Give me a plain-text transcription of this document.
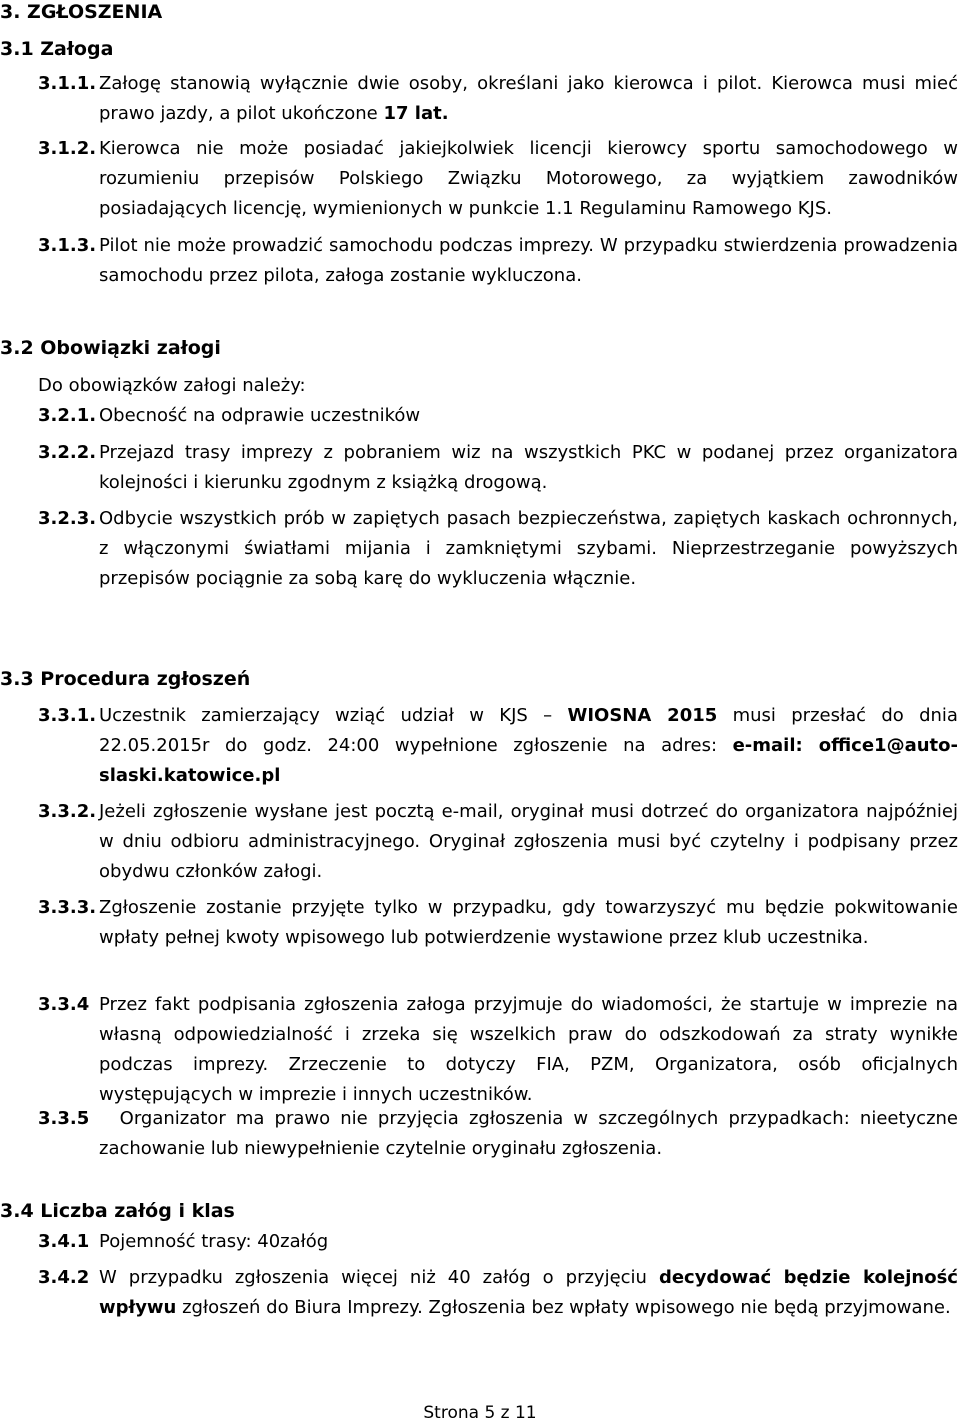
3. ZGŁOSZENIA
3.1 Załoga
3.1.1. Załogę stanowią wyłącznie dwie osoby, określani jako kierowca i pilot. Kierowca musi mieć prawo jazdy, a pilot ukończone 17 lat.
3.1.2. Kierowca nie może posiadać jakiejkolwiek licencji kierowcy sportu samochodowego w rozumieniu przepisów Polskiego Związku Motorowego, za wyjątkiem zawodników posiadających licencję, wymienionych w punkcie 1.1 Regulaminu Ramowego KJS.
3.1.3. Pilot nie może prowadzić samochodu podczas imprezy. W przypadku stwierdzenia prowadzenia samochodu przez pilota, załoga zostanie wykluczona.
3.2 Obowiązki załogi
Do obowiązków załogi należy:
3.2.1. Obecność na odprawie uczestników
3.2.2. Przejazd trasy imprezy z pobraniem wiz na wszystkich PKC w podanej przez organizatora kolejności i kierunku zgodnym z książką drogową.
3.2.3. Odbycie wszystkich prób w zapiętych pasach bezpieczeństwa, zapiętych kaskach ochronnych, z włączonymi światłami mijania i zamkniętymi szybami. Nieprzestrzeganie powyższych przepisów pociągnie za sobą karę do wykluczenia włącznie.
3.3 Procedura zgłoszeń
3.3.1. Uczestnik zamierzający wziąć udział w KJS – WIOSNA 2015 musi przesłać do dnia 22.05.2015r do godz. 24:00 wypełnione zgłoszenie na adres: e-mail: office1@auto-slaski.katowice.pl
3.3.2. Jeżeli zgłoszenie wysłane jest pocztą e-mail, oryginał musi dotrzeć do organizatora najpóźniej w dniu odbioru administracyjnego. Oryginał zgłoszenia musi być czytelny i podpisany przez obydwu członków załogi.
3.3.3. Zgłoszenie zostanie przyjęte tylko w przypadku, gdy towarzyszyć mu będzie pokwitowanie wpłaty pełnej kwoty wpisowego lub potwierdzenie wystawione przez klub uczestnika.
3.3.4 Przez fakt podpisania zgłoszenia załoga przyjmuje do wiadomości, że startuje w imprezie na własną odpowiedzialność i zrzeka się wszelkich praw do odszkodowań za straty wynikłe podczas imprezy. Zrzeczenie to dotyczy FIA, PZM, Organizatora, osób oficjalnych występujących w imprezie i innych uczestników.
3.3.5 Organizator ma prawo nie przyjęcia zgłoszenia w szczególnych przypadkach: nieetyczne zachowanie lub niewypełnienie czytelnie oryginału zgłoszenia.
3.4 Liczba załóg i klas
3.4.1 Pojemność trasy: 40załóg
3.4.2 W przypadku zgłoszenia więcej niż 40 załóg o przyjęciu decydować będzie kolejność wpływu zgłoszeń do Biura Imprezy. Zgłoszenia bez wpłaty wpisowego nie będą przyjmowane.
Strona 5 z 11
